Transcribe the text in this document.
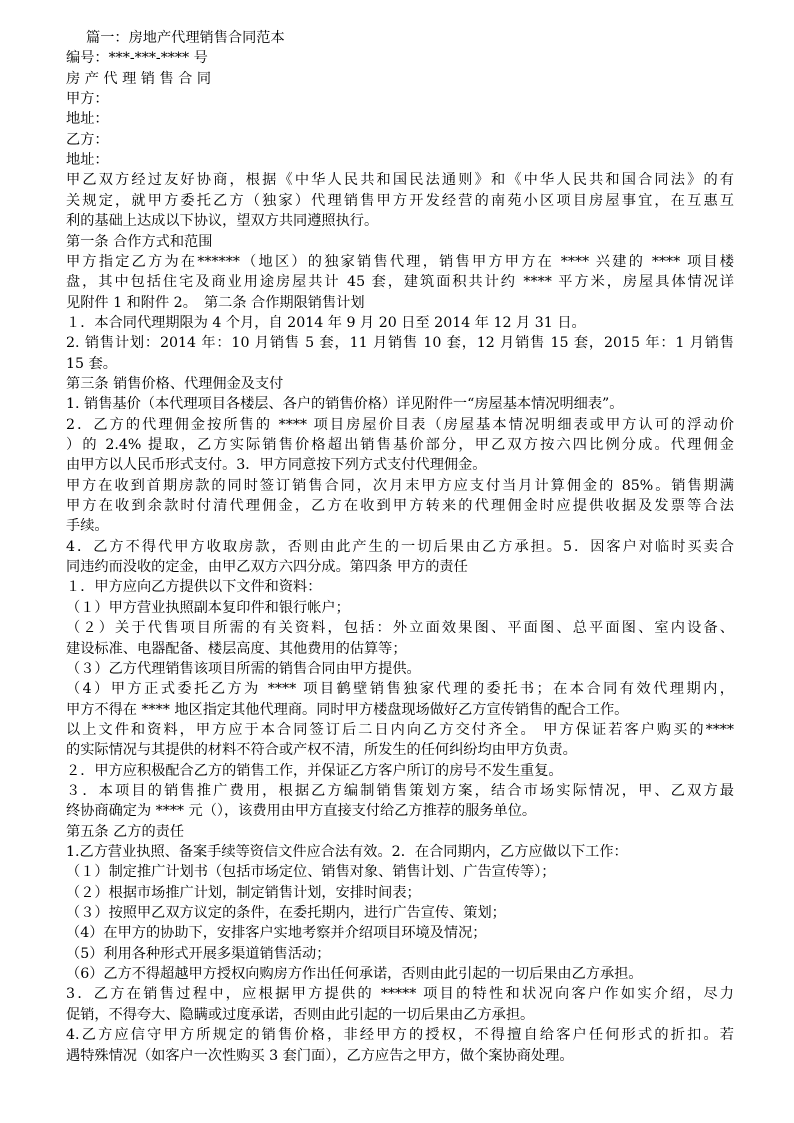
篇一：房地产代理销售合同范本
编号：***-***-**** 号
房 产 代 理 销 售 合 同
甲方：
地址：
乙方：
地址：
甲乙双方经过友好协商，根据《中华人民共和国民法通则》和《中华人民共和国合同法》的有
关规定，就甲方委托乙方（独家）代理销售甲方开发经营的南苑小区项目房屋事宜，在互惠互
利的基础上达成以下协议，望双方共同遵照执行。
第一条 合作方式和范围
甲方指定乙方为在******（地区）的独家销售代理，销售甲方甲方在 **** 兴建的 **** 项目楼
盘，其中包括住宅及商业用途房屋共计 45 套，建筑面积共计约 **** 平方米，房屋具体情况详
见附件 1 和附件 2。　第二条 合作期限销售计划
１．本合同代理期限为 4 个月，自 2014 年 9 月 20 日至 2014 年 12 月 31 日。
2. 销售计划：2014 年：10 月销售 5 套，11 月销售 10 套，12 月销售 15 套，2015 年：1 月销售
15 套。
第三条 销售价格、代理佣金及支付
1. 销售基价（本代理项目各楼层、各户的销售价格）详见附件一“房屋基本情况明细表”。
2．乙方的代理佣金按所售的 **** 项目房屋价目表（房屋基本情况明细表或甲方认可的浮动价
）的 2.4% 提取，乙方实际销售价格超出销售基价部分，甲乙双方按六四比例分成。代理佣金
由甲方以人民币形式支付。3．甲方同意按下列方式支付代理佣金。
甲方在收到首期房款的同时签订销售合同，次月末甲方应支付当月计算佣金的 85%。销售期满
甲方在收到余款时付清代理佣金，乙方在收到甲方转来的代理佣金时应提供收据及发票等合法
手续。
4．乙方不得代甲方收取房款，否则由此产生的一切后果由乙方承担。5．因客户对临时买卖合
同违约而没收的定金，由甲乙双方六四分成。第四条 甲方的责任
１．甲方应向乙方提供以下文件和资料：
（１）甲方营业执照副本复印件和银行帐户；
（２）关于代售项目所需的有关资料，包括：外立面效果图、平面图、总平面图、室内设备、
建设标准、电器配备、楼层高度、其他费用的估算等；
（３）乙方代理销售该项目所需的销售合同由甲方提供。
（4）甲方正式委托乙方为 **** 项目鹤壁销售独家代理的委托书；在本合同有效代理期内，
甲方不得在 **** 地区指定其他代理商。同时甲方楼盘现场做好乙方宣传销售的配合工作。
以上文件和资料，甲方应于本合同签订后二日内向乙方交付齐全。 甲方保证若客户购买的****
的实际情况与其提供的材料不符合或产权不清，所发生的任何纠纷均由甲方负责。
２．甲方应积极配合乙方的销售工作，并保证乙方客户所订的房号不发生重复。
３．本项目的销售推广费用，根据乙方编制销售策划方案，结合市场实际情况，甲、乙双方最
终协商确定为 **** 元（），该费用由甲方直接支付给乙方推荐的服务单位。
第五条 乙方的责任
1.乙方营业执照、备案手续等资信文件应合法有效。2．在合同期内，乙方应做以下工作：
（１）制定推广计划书（包括市场定位、销售对象、销售计划、广告宣传等）；
（２）根据市场推广计划，制定销售计划，安排时间表；
（３）按照甲乙双方议定的条件，在委托期内，进行广告宣传、策划；
（4）在甲方的协助下，安排客户实地考察并介绍项目环境及情况；
（5）利用各种形式开展多渠道销售活动；
（6）乙方不得超越甲方授权向购房方作出任何承诺，否则由此引起的一切后果由乙方承担。
3．乙方在销售过程中，应根据甲方提供的 ***** 项目的特性和状况向客户作如实介绍，尽力
促销，不得夸大、隐瞒或过度承诺，否则由此引起的一切后果由乙方承担。
4.乙方应信守甲方所规定的销售价格，非经甲方的授权，不得擅自给客户任何形式的折扣。若
遇特殊情况（如客户一次性购买 3 套门面），乙方应告之甲方，做个案协商处理。
